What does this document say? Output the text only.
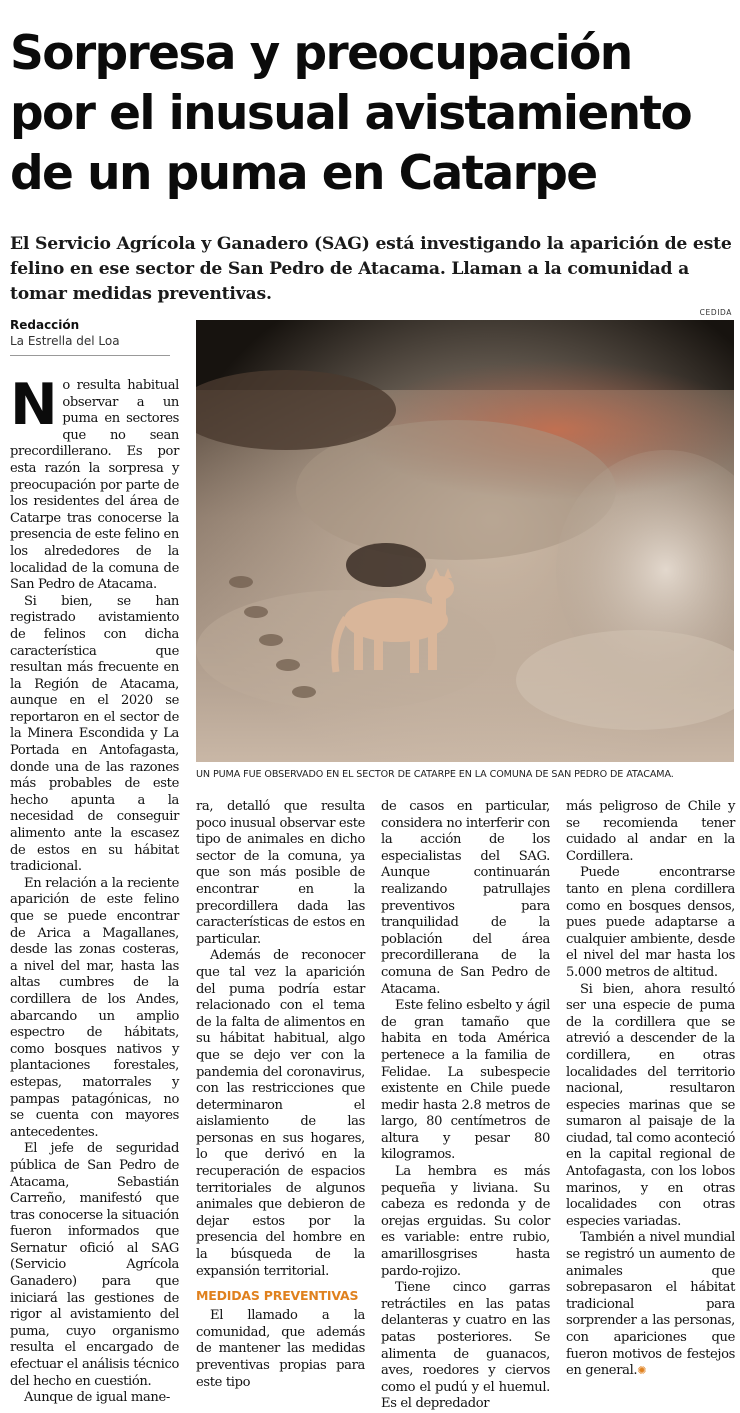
Sorpresa y preocupación
por el inusual avistamiento
de un puma en Catarpe
El Servicio Agrícola y Ganadero (SAG) está investigando la aparición de este felino en ese sector de San Pedro de Atacama. Llaman a la comunidad a tomar medidas preventivas.
Redacción
La Estrella del Loa
CEDIDA
UN PUMA FUE OBSERVADO EN EL SECTOR DE CATARPE EN LA COMUNA DE SAN PEDRO DE ATACAMA.

No resulta habitual observar a un puma en sectores que no sean precordillerano. Es por esta razón la sorpresa y preocupación por parte de los residentes del área de Catarpe tras conocerse la presencia de este felino en los alrededores de la localidad de la comuna de San Pedro de Atacama.

Si bien, se han registrado avistamiento de felinos con dicha característica que resultan más frecuente en la Región de Atacama, aunque en el 2020 se reportaron en el sector de la Minera Escondida y La Portada en Antofagasta, donde una de las razones más probables de este hecho apunta a la necesidad de conseguir alimento ante la escasez de estos en su hábitat tradicional.

En relación a la reciente aparición de este felino que se puede encontrar de Arica a Magallanes, desde las zonas costeras, a nivel del mar, hasta las altas cumbres de la cordillera de los Andes, abarcando un amplio espectro de hábitats, como bosques nativos y plantaciones forestales, estepas, matorrales y pampas patagónicas, no se cuenta con mayores antecedentes.

El jefe de seguridad pública de San Pedro de Atacama, Sebastián Carreño, manifestó que tras conocerse la situación fueron informados que Sernatur ofició al SAG (Servicio Agrícola Ganadero) para que iniciará las gestiones de rigor al avistamiento del puma, cuyo organismo resulta el encargado de efectuar el análisis técnico del hecho en cuestión.

Aunque de igual mane-

ra, detalló que resulta poco inusual observar este tipo de animales en dicho sector de la comuna, ya que son más posible de encontrar en la precordillera dada las características de estos en particular.

Además de reconocer que tal vez la aparición del puma podría estar relacionado con el tema de la falta de alimentos en su hábitat habitual, algo que se dejo ver con la pandemia del coronavirus, con las restricciones que determinaron el aislamiento de las personas en sus hogares, lo que derivó en la recuperación de espacios territoriales de algunos animales que debieron de dejar estos por la presencia del hombre en la búsqueda de la expansión territorial.

MEDIDAS PREVENTIVAS

El llamado a la comunidad, que además de mantener las medidas preventivas propias para este tipo

de casos en particular, considera no interferir con la acción de los especialistas del SAG. Aunque continuarán realizando patrullajes preventivos para tranquilidad de la población del área precordillerana de la comuna de San Pedro de Atacama.

Este felino esbelto y ágil de gran tamaño que habita en toda América pertenece a la familia de Felidae. La subespecie existente en Chile puede medir hasta 2.8 metros de largo, 80 centímetros de altura y pesar 80 kilogramos.

La hembra es más pequeña y liviana. Su cabeza es redonda y de orejas erguidas. Su color es variable: entre rubio, amarillosgrises hasta pardo-rojizo.

Tiene cinco garras retráctiles en las patas delanteras y cuatro en las patas posteriores. Se alimenta de guanacos, aves, roedores y ciervos como el pudú y el huemul. Es el depredador

más peligroso de Chile y se recomienda tener cuidado al andar en la Cordillera.

Puede encontrarse tanto en plena cordillera como en bosques densos, pues puede adaptarse a cualquier ambiente, desde el nivel del mar hasta los 5.000 metros de altitud.

Si bien, ahora resultó ser una especie de puma de la cordillera que se atrevió a descender de la cordillera, en otras localidades del territorio nacional, resultaron especies marinas que se sumaron al paisaje de la ciudad, tal como aconteció en la capital regional de Antofagasta, con los lobos marinos, y en otras localidades con otras especies variadas.

También a nivel mundial se registró un aumento de animales que sobrepasaron el hábitat tradicional para sorprender a las personas, con apariciones que fueron motivos de festejos en general.✺
